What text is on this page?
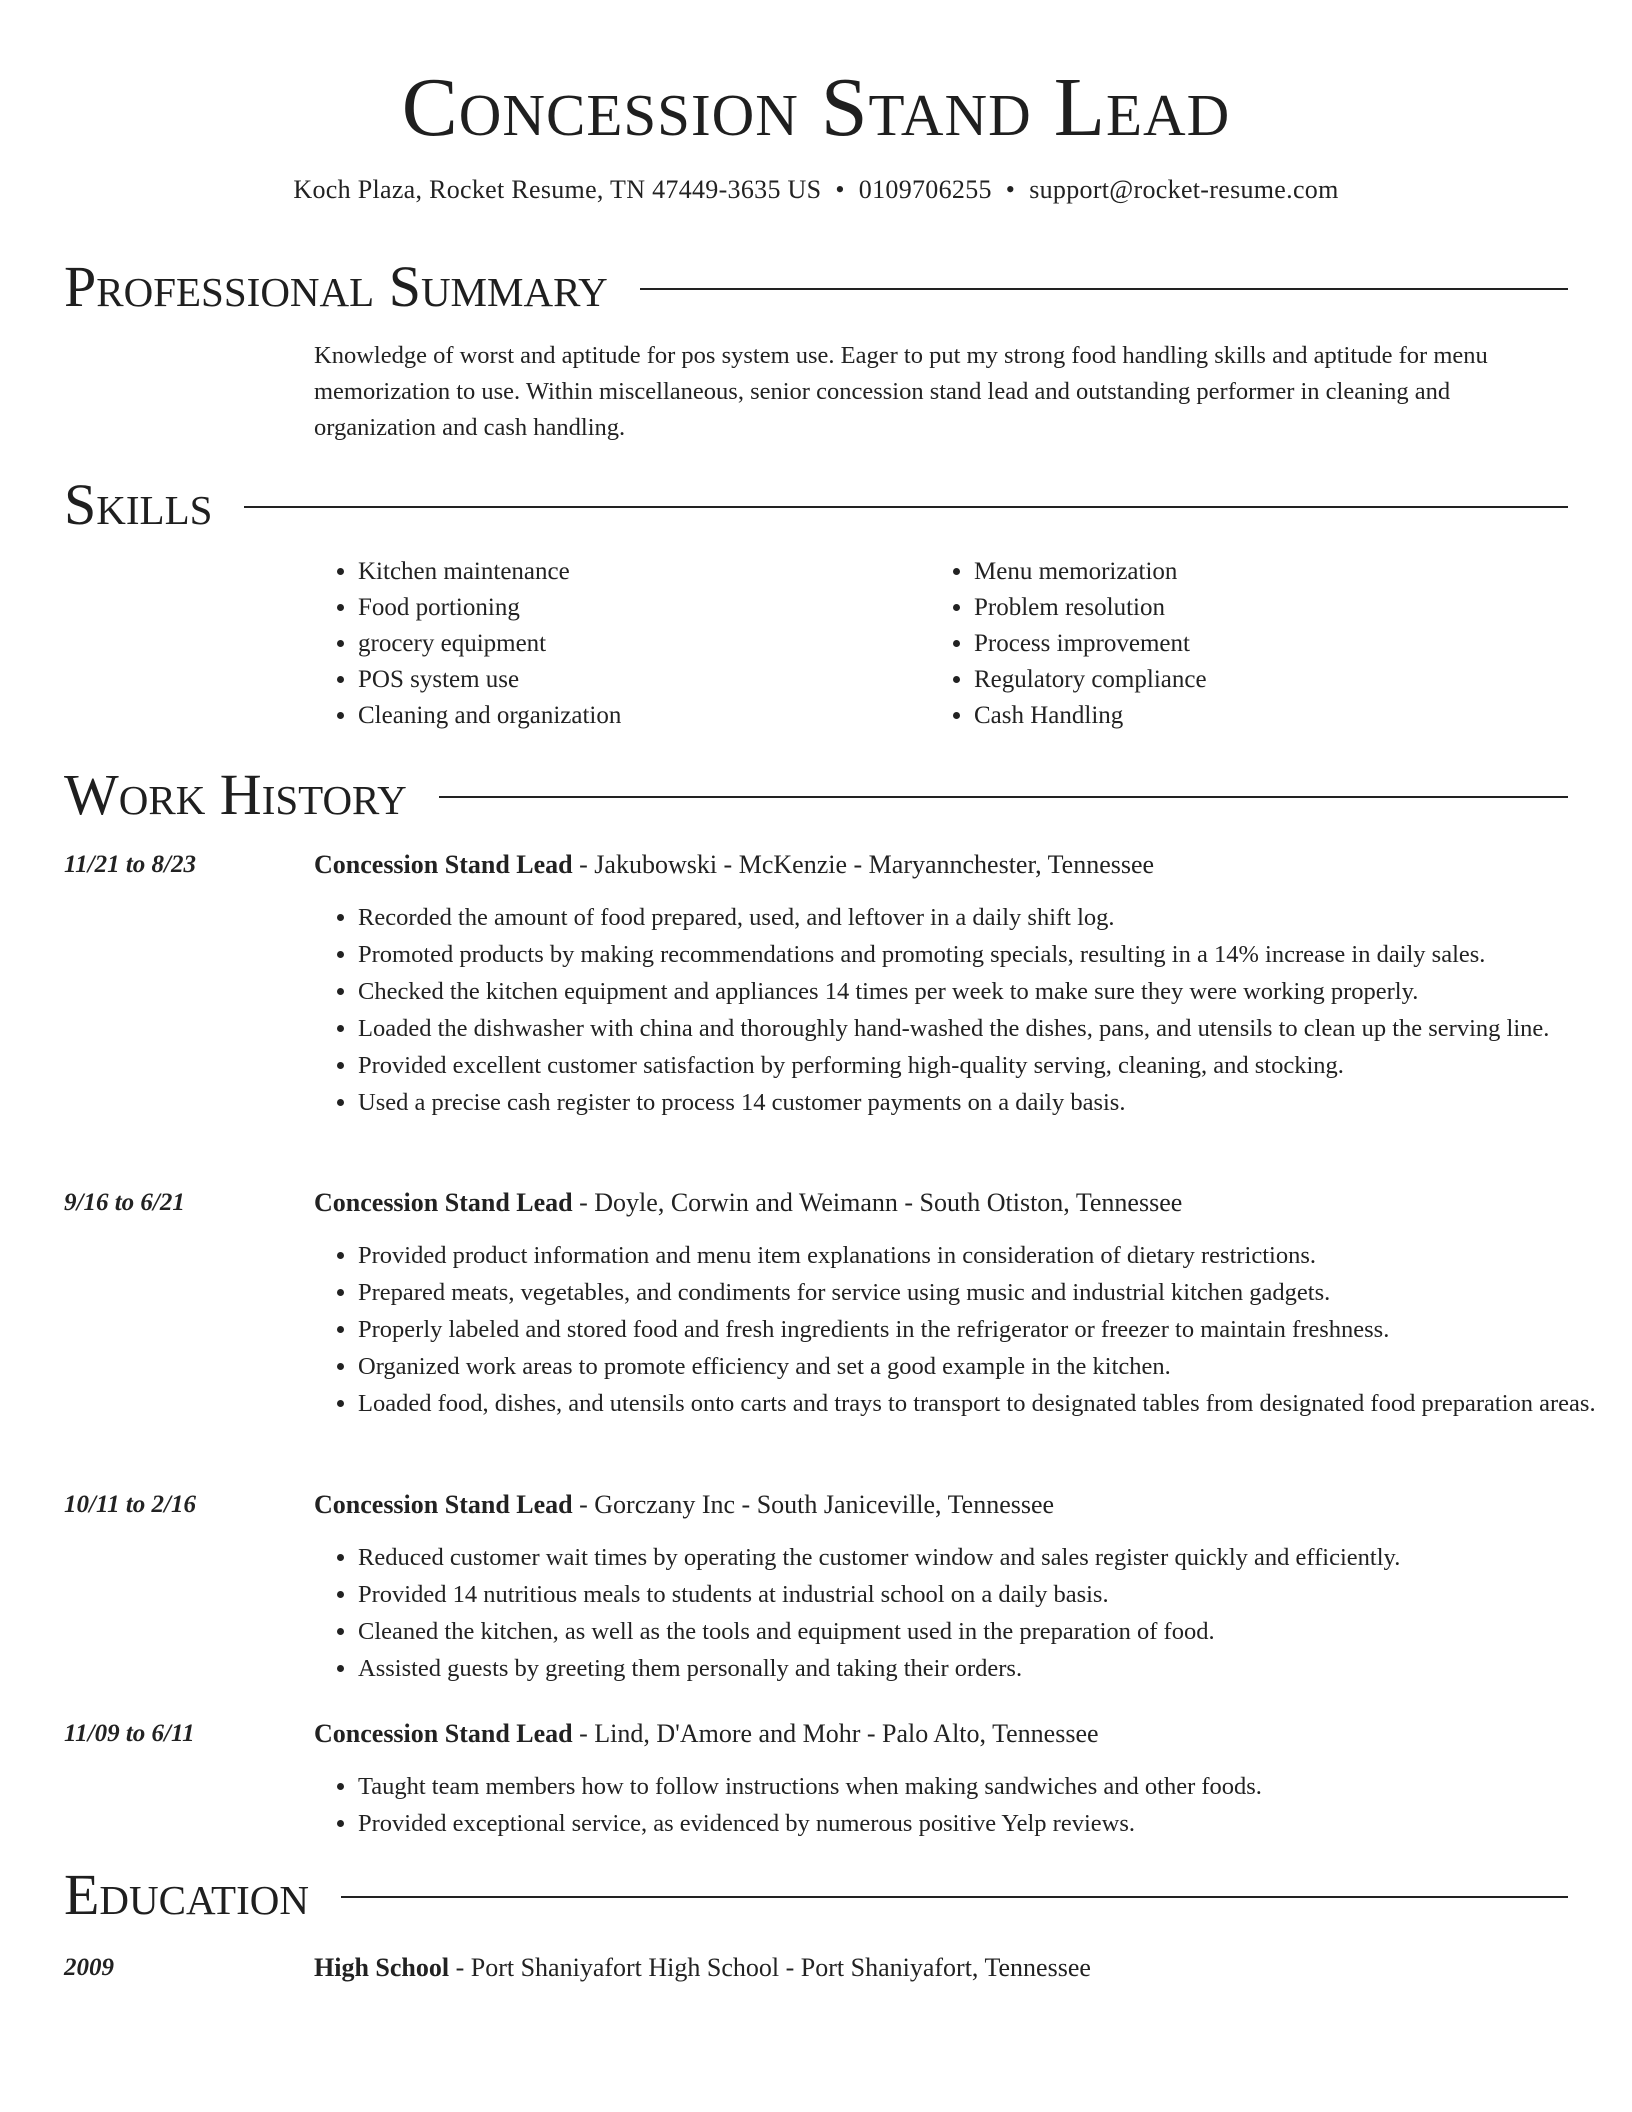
Concession Stand Lead
Koch Plaza, Rocket Resume, TN 47449-3635 US • 0109706255 • support@rocket-resume.com
Professional Summary
Knowledge of worst and aptitude for pos system use. Eager to put my strong food handling skills and aptitude for menu memorization to use. Within miscellaneous, senior concession stand lead and outstanding performer in cleaning and organization and cash handling.
Skills
• Kitchen maintenance
• Food portioning
• grocery equipment
• POS system use
• Cleaning and organization
• Menu memorization
• Problem resolution
• Process improvement
• Regulatory compliance
• Cash Handling
Work History
11/21 to 8/23	Concession Stand Lead - Jakubowski - McKenzie - Maryannchester, Tennessee
• Recorded the amount of food prepared, used, and leftover in a daily shift log.
• Promoted products by making recommendations and promoting specials, resulting in a 14% increase in daily sales.
• Checked the kitchen equipment and appliances 14 times per week to make sure they were working properly.
• Loaded the dishwasher with china and thoroughly hand-washed the dishes, pans, and utensils to clean up the serving line.
• Provided excellent customer satisfaction by performing high-quality serving, cleaning, and stocking.
• Used a precise cash register to process 14 customer payments on a daily basis.
9/16 to 6/21	Concession Stand Lead - Doyle, Corwin and Weimann - South Otiston, Tennessee
• Provided product information and menu item explanations in consideration of dietary restrictions.
• Prepared meats, vegetables, and condiments for service using music and industrial kitchen gadgets.
• Properly labeled and stored food and fresh ingredients in the refrigerator or freezer to maintain freshness.
• Organized work areas to promote efficiency and set a good example in the kitchen.
• Loaded food, dishes, and utensils onto carts and trays to transport to designated tables from designated food preparation areas.
10/11 to 2/16	Concession Stand Lead - Gorczany Inc - South Janiceville, Tennessee
• Reduced customer wait times by operating the customer window and sales register quickly and efficiently.
• Provided 14 nutritious meals to students at industrial school on a daily basis.
• Cleaned the kitchen, as well as the tools and equipment used in the preparation of food.
• Assisted guests by greeting them personally and taking their orders.
11/09 to 6/11	Concession Stand Lead - Lind, D'Amore and Mohr - Palo Alto, Tennessee
• Taught team members how to follow instructions when making sandwiches and other foods.
• Provided exceptional service, as evidenced by numerous positive Yelp reviews.
Education
2009	High School - Port Shaniyafort High School - Port Shaniyafort, Tennessee
